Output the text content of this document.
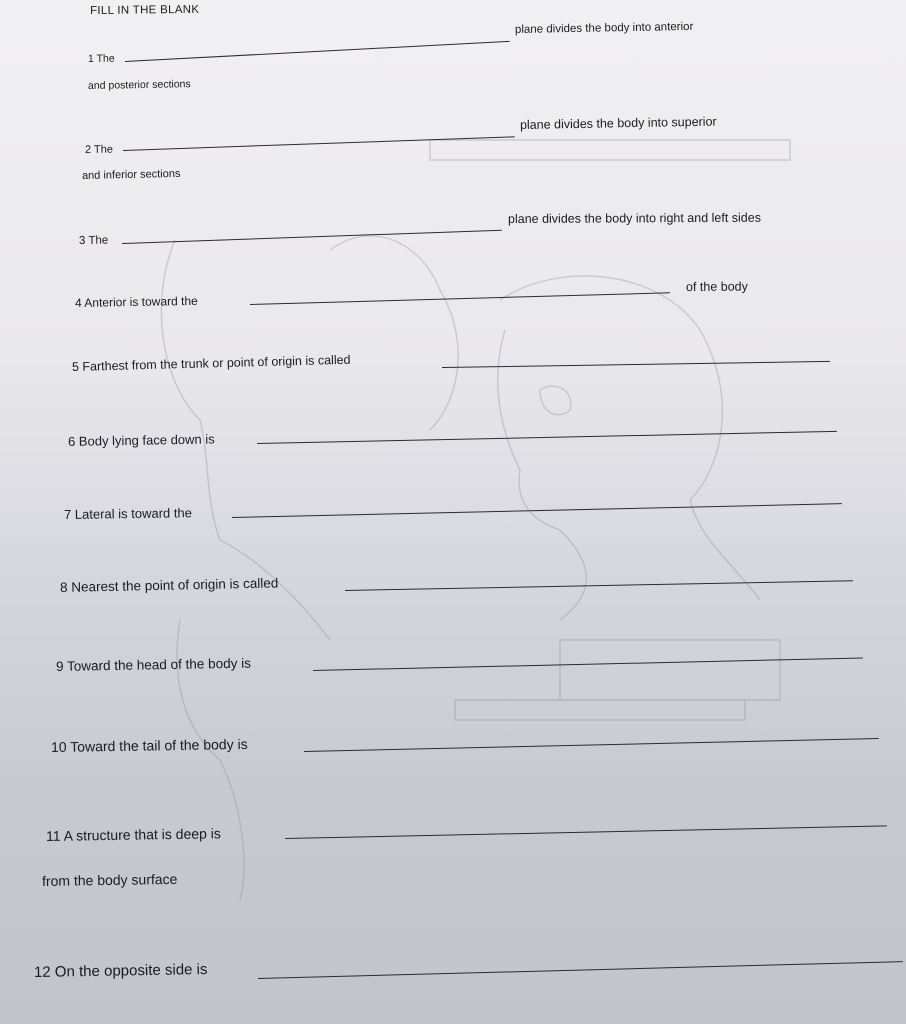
FILL IN THE BLANK
1 The
plane divides the body into anterior
and posterior sections
2 The
plane divides the body into superior
and inferior sections
3 The
plane divides the body into right and left sides
4 Anterior is toward the
of the body
5 Farthest from the trunk or point of origin is called
6 Body lying face down is
7 Lateral is toward the
8 Nearest the point of origin is called
9 Toward the head of the body is
10 Toward the tail of the body is
11 A structure that is deep is
from the body surface
12 On the opposite side is
